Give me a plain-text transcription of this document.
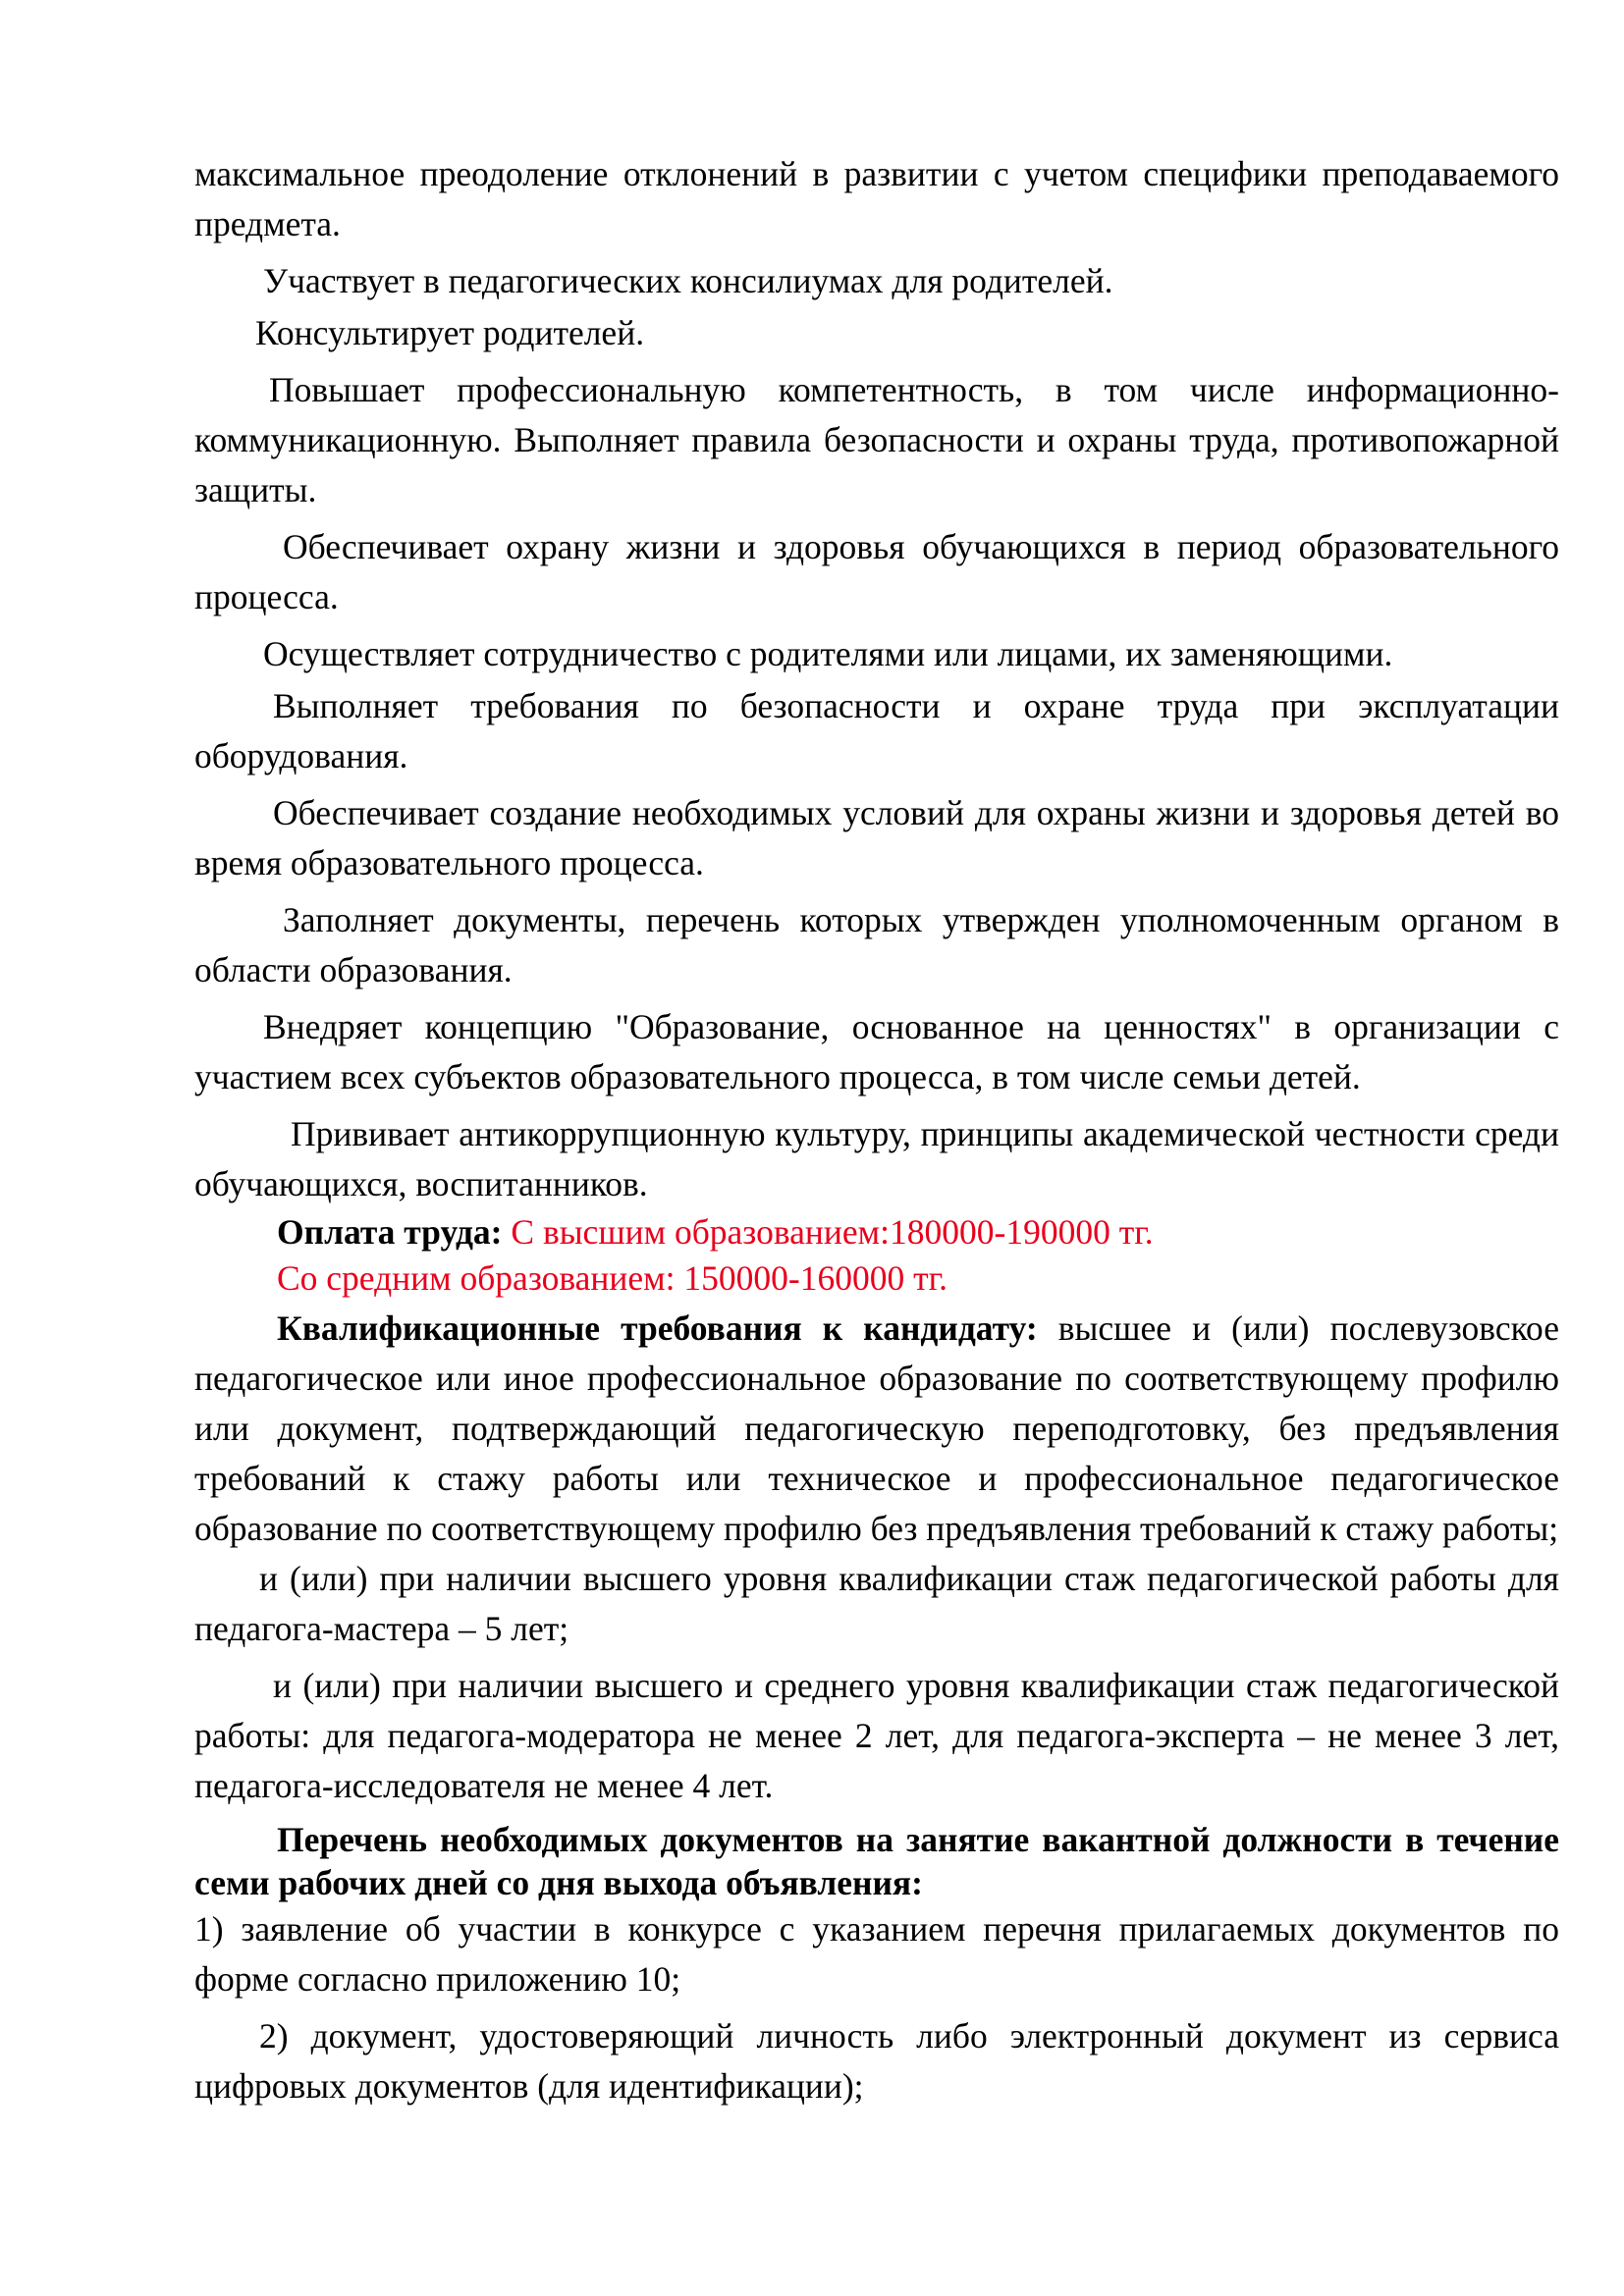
максимальное преодоление отклонений в развитии с учетом специфики преподаваемого предмета.

Участвует в педагогических консилиумах для родителей.

Консультирует родителей.

Повышает профессиональную компетентность, в том числе информационно-коммуникационную. Выполняет правила безопасности и охраны труда, противопожарной защиты.

Обеспечивает охрану жизни и здоровья обучающихся в период образовательного процесса.

Осуществляет сотрудничество с родителями или лицами, их заменяющими.

Выполняет требования по безопасности и охране труда при эксплуатации оборудования.

Обеспечивает создание необходимых условий для охраны жизни и здоровья детей во время образовательного процесса.

Заполняет документы, перечень которых утвержден уполномоченным органом в области образования.

Внедряет концепцию "Образование, основанное на ценностях" в организации с участием всех субъектов образовательного процесса, в том числе семьи детей.

Прививает антикоррупционную культуру, принципы академической честности среди обучающихся, воспитанников.

Оплата труда: С высшим образованием:180000-190000 тг.

Со средним образованием: 150000-160000 тг.

Квалификационные требования к кандидату: высшее и (или) послевузовское педагогическое или иное профессиональное образование по соответствующему профилю или документ, подтверждающий педагогическую переподготовку, без предъявления требований к стажу работы или техническое и профессиональное педагогическое образование по соответствующему профилю без предъявления требований к стажу работы;

и (или) при наличии высшего уровня квалификации стаж педагогической работы для педагога-мастера – 5 лет;

и (или) при наличии высшего и среднего уровня квалификации стаж педагогической работы: для педагога-модератора не менее 2 лет, для педагога-эксперта – не менее 3 лет, педагога-исследователя не менее 4 лет.

Перечень необходимых документов на занятие вакантной должности в течение семи рабочих дней со дня выхода объявления:

1) заявление об участии в конкурсе с указанием перечня прилагаемых документов по форме согласно приложению 10;

2) документ, удостоверяющий личность либо электронный документ из сервиса цифровых документов (для идентификации);
